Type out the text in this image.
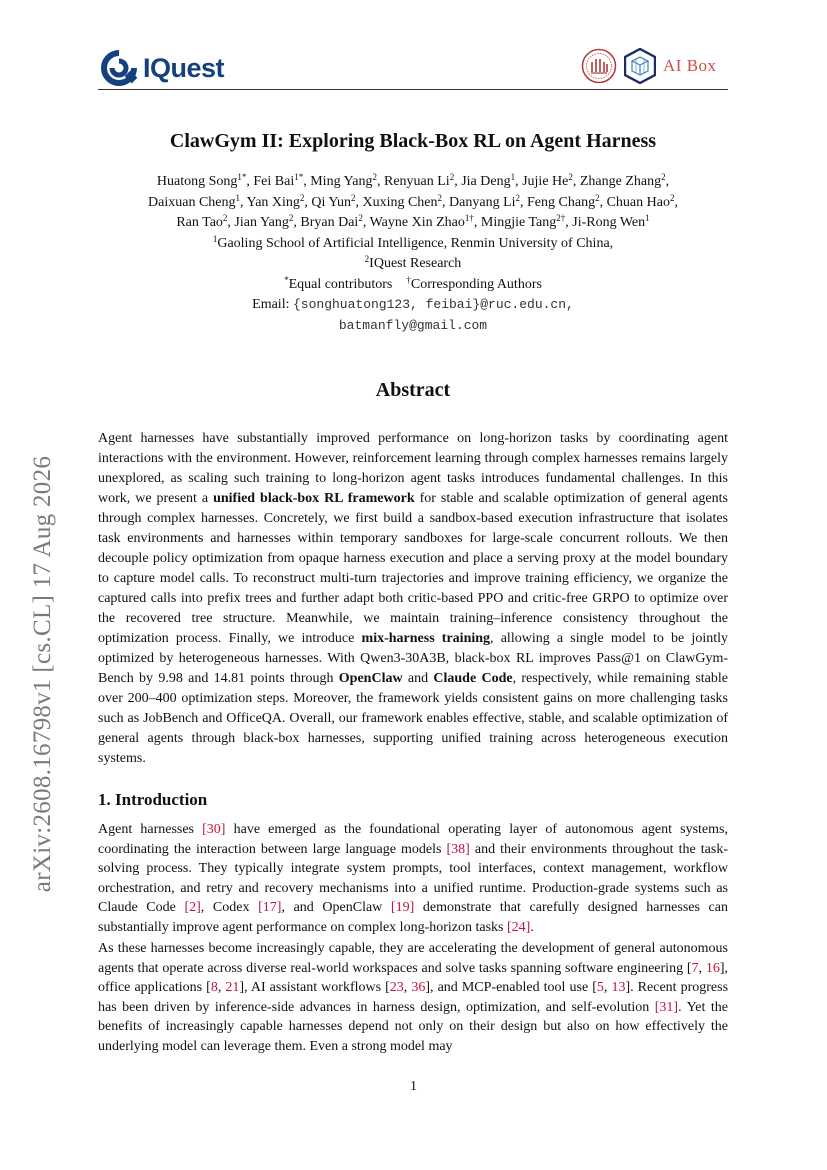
IQuest	AI Box
arXiv:2608.16798v1 [cs.CL] 17 Aug 2026
ClawGym II: Exploring Black-Box RL on Agent Harness
Huatong Song$^{1*}$, Fei Bai$^{1*}$, Ming Yang$^2$, Renyuan Li$^2$, Jia Deng$^1$, Jujie He$^2$, Zhange Zhang$^2$,
Daixuan Cheng$^1$, Yan Xing$^2$, Qi Yun$^2$, Xuxing Chen$^2$, Danyang Li$^2$, Feng Chang$^2$, Chuan Hao$^2$,
Ran Tao$^2$, Jian Yang$^2$, Bryan Dai$^2$, Wayne Xin Zhao$^{1\dagger}$, Mingjie Tang$^{2\dagger}$, Ji-Rong Wen$^1$
$^1$Gaoling School of Artificial Intelligence, Renmin University of China,
$^2$IQuest Research
*Equal contributors †Corresponding Authors
Email: {songhuatong123, feibai}@ruc.edu.cn,
batmanfly@gmail.com
Abstract

Agent harnesses have substantially improved performance on long-horizon tasks by coordinating agent interactions with the environment. However, reinforcement learning through complex harnesses remains largely unexplored, as scaling such training to long-horizon agent tasks introduces fundamental challenges. In this work, we present a unified black-box RL framework for stable and scalable optimization of general agents through complex harnesses. Concretely, we first build a sandbox-based execution infrastructure that isolates task environments and harnesses within temporary sandboxes for large-scale concurrent rollouts. We then decouple policy optimization from opaque harness execution and place a serving proxy at the model boundary to capture model calls. To reconstruct multi-turn trajectories and improve training efficiency, we organize the captured calls into prefix trees and further adapt both critic-based PPO and critic-free GRPO to optimize over the recovered tree structure. Meanwhile, we maintain training–inference consistency throughout the optimization process. Finally, we introduce mix-harness training, allowing a single model to be jointly optimized by heterogeneous harnesses. With Qwen3-30A3B, black-box RL improves Pass@1 on ClawGym-Bench by 9.98 and 14.81 points through OpenClaw and Claude Code, respectively, while remaining stable over 200–400 optimization steps. Moreover, the framework yields consistent gains on more challenging tasks such as JobBench and OfficeQA. Overall, our framework enables effective, stable, and scalable optimization of general agents through black-box harnesses, supporting unified training across heterogeneous execution systems.

1. Introduction

Agent harnesses [30] have emerged as the foundational operating layer of autonomous agent systems, coordinating the interaction between large language models [38] and their environments throughout the task-solving process. They typically integrate system prompts, tool interfaces, context management, workflow orchestration, and retry and recovery mechanisms into a unified runtime. Production-grade systems such as Claude Code [2], Codex [17], and OpenClaw [19] demonstrate that carefully designed harnesses can substantially improve agent performance on complex long-horizon tasks [24].

As these harnesses become increasingly capable, they are accelerating the development of general autonomous agents that operate across diverse real-world workspaces and solve tasks spanning software engineering [7, 16], office applications [8, 21], AI assistant workflows [23, 36], and MCP-enabled tool use [5, 13]. Recent progress has been driven by inference-side advances in harness design, optimization, and self-evolution [31]. Yet the benefits of increasingly capable harnesses depend not only on their design but also on how effectively the underlying model can leverage them. Even a strong model may

1
